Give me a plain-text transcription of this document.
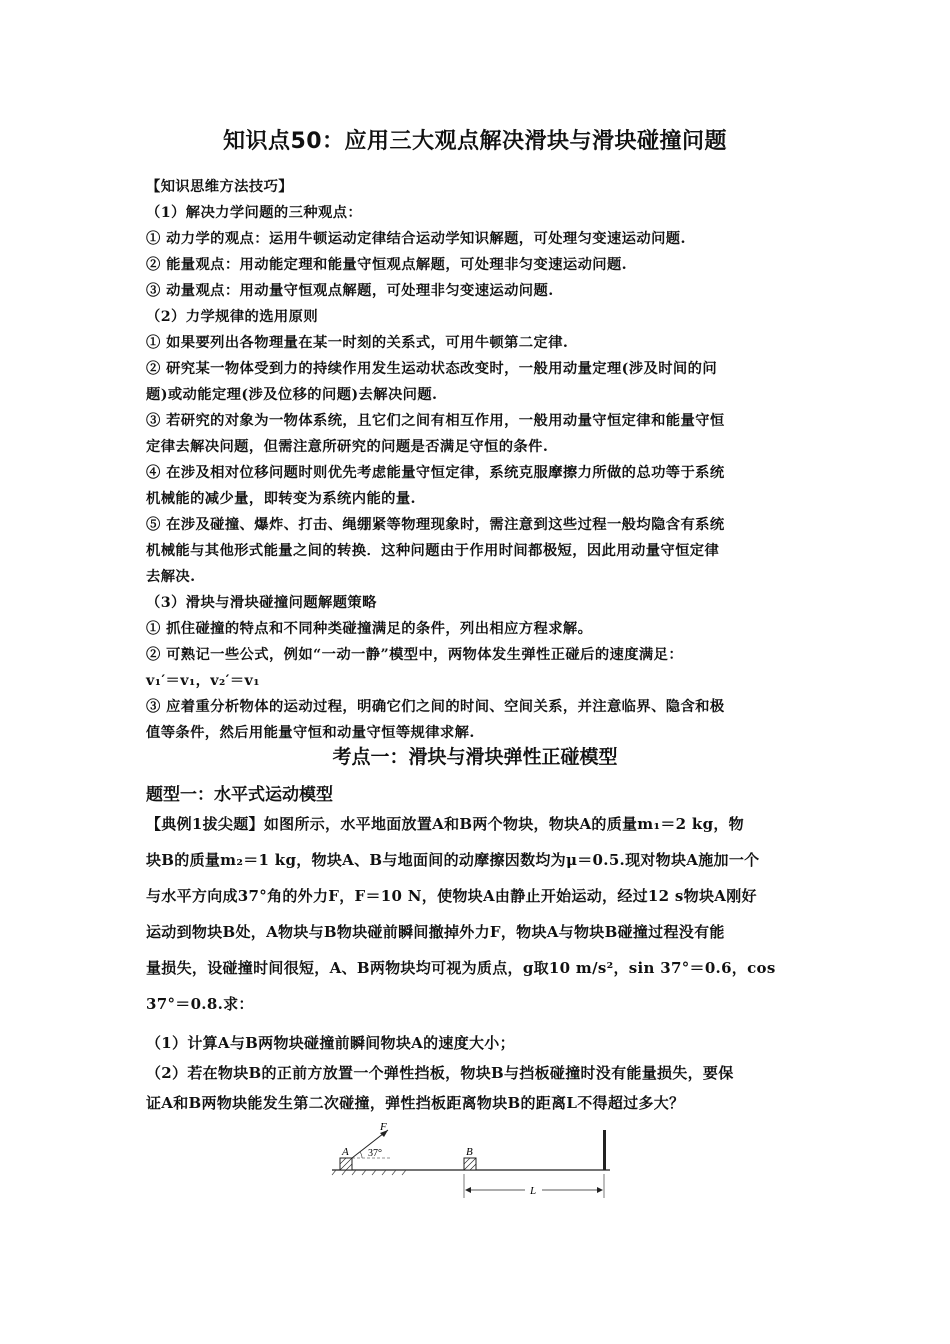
知识点50：应用三大观点解决滑块与滑块碰撞问题
【知识思维方法技巧】
（1）解决力学问题的三种观点：
① 动力学的观点：运用牛顿运动定律结合运动学知识解题，可处理匀变速运动问题.
② 能量观点：用动能定理和能量守恒观点解题，可处理非匀变速运动问题.
③ 动量观点：用动量守恒观点解题，可处理非匀变速运动问题.
（2）力学规律的选用原则
① 如果要列出各物理量在某一时刻的关系式，可用牛顿第二定律.
② 研究某一物体受到力的持续作用发生运动状态改变时，一般用动量定理(涉及时间的问
题)或动能定理(涉及位移的问题)去解决问题.
③ 若研究的对象为一物体系统，且它们之间有相互作用，一般用动量守恒定律和能量守恒
定律去解决问题，但需注意所研究的问题是否满足守恒的条件.
④ 在涉及相对位移问题时则优先考虑能量守恒定律，系统克服摩擦力所做的总功等于系统
机械能的减少量，即转变为系统内能的量.
⑤ 在涉及碰撞、爆炸、打击、绳绷紧等物理现象时，需注意到这些过程一般均隐含有系统
机械能与其他形式能量之间的转换．这种问题由于作用时间都极短，因此用动量守恒定律
去解决.
（3）滑块与滑块碰撞问题解题策略
① 抓住碰撞的特点和不同种类碰撞满足的条件，列出相应方程求解。
② 可熟记一些公式，例如“一动一静”模型中，两物体发生弹性正碰后的速度满足：
v₁′＝v₁，v₂′＝v₁
③ 应着重分析物体的运动过程，明确它们之间的时间、空间关系，并注意临界、隐含和极
值等条件，然后用能量守恒和动量守恒等规律求解.
考点一：滑块与滑块弹性正碰模型
题型一：水平式运动模型
【典例1拔尖题】如图所示，水平地面放置A和B两个物块，物块A的质量m₁＝2 kg，物
块B的质量m₂＝1 kg，物块A、B与地面间的动摩擦因数均为μ＝0.5.现对物块A施加一个
与水平方向成37°角的外力F，F＝10 N，使物块A由静止开始运动，经过12 s物块A刚好
运动到物块B处，A物块与B物块碰前瞬间撤掉外力F，物块A与物块B碰撞过程没有能
量损失，设碰撞时间很短，A、B两物块均可视为质点，g取10 m/s²，sin 37°＝0.6，cos
37°＝0.8.求：
（1）计算A与B两物块碰撞前瞬间物块A的速度大小；
（2）若在物块B的正前方放置一个弹性挡板，物块B与挡板碰撞时没有能量损失，要保
证A和B两物块能发生第二次碰撞，弹性挡板距离物块B的距离L不得超过多大？
A
F
37°	B
L
